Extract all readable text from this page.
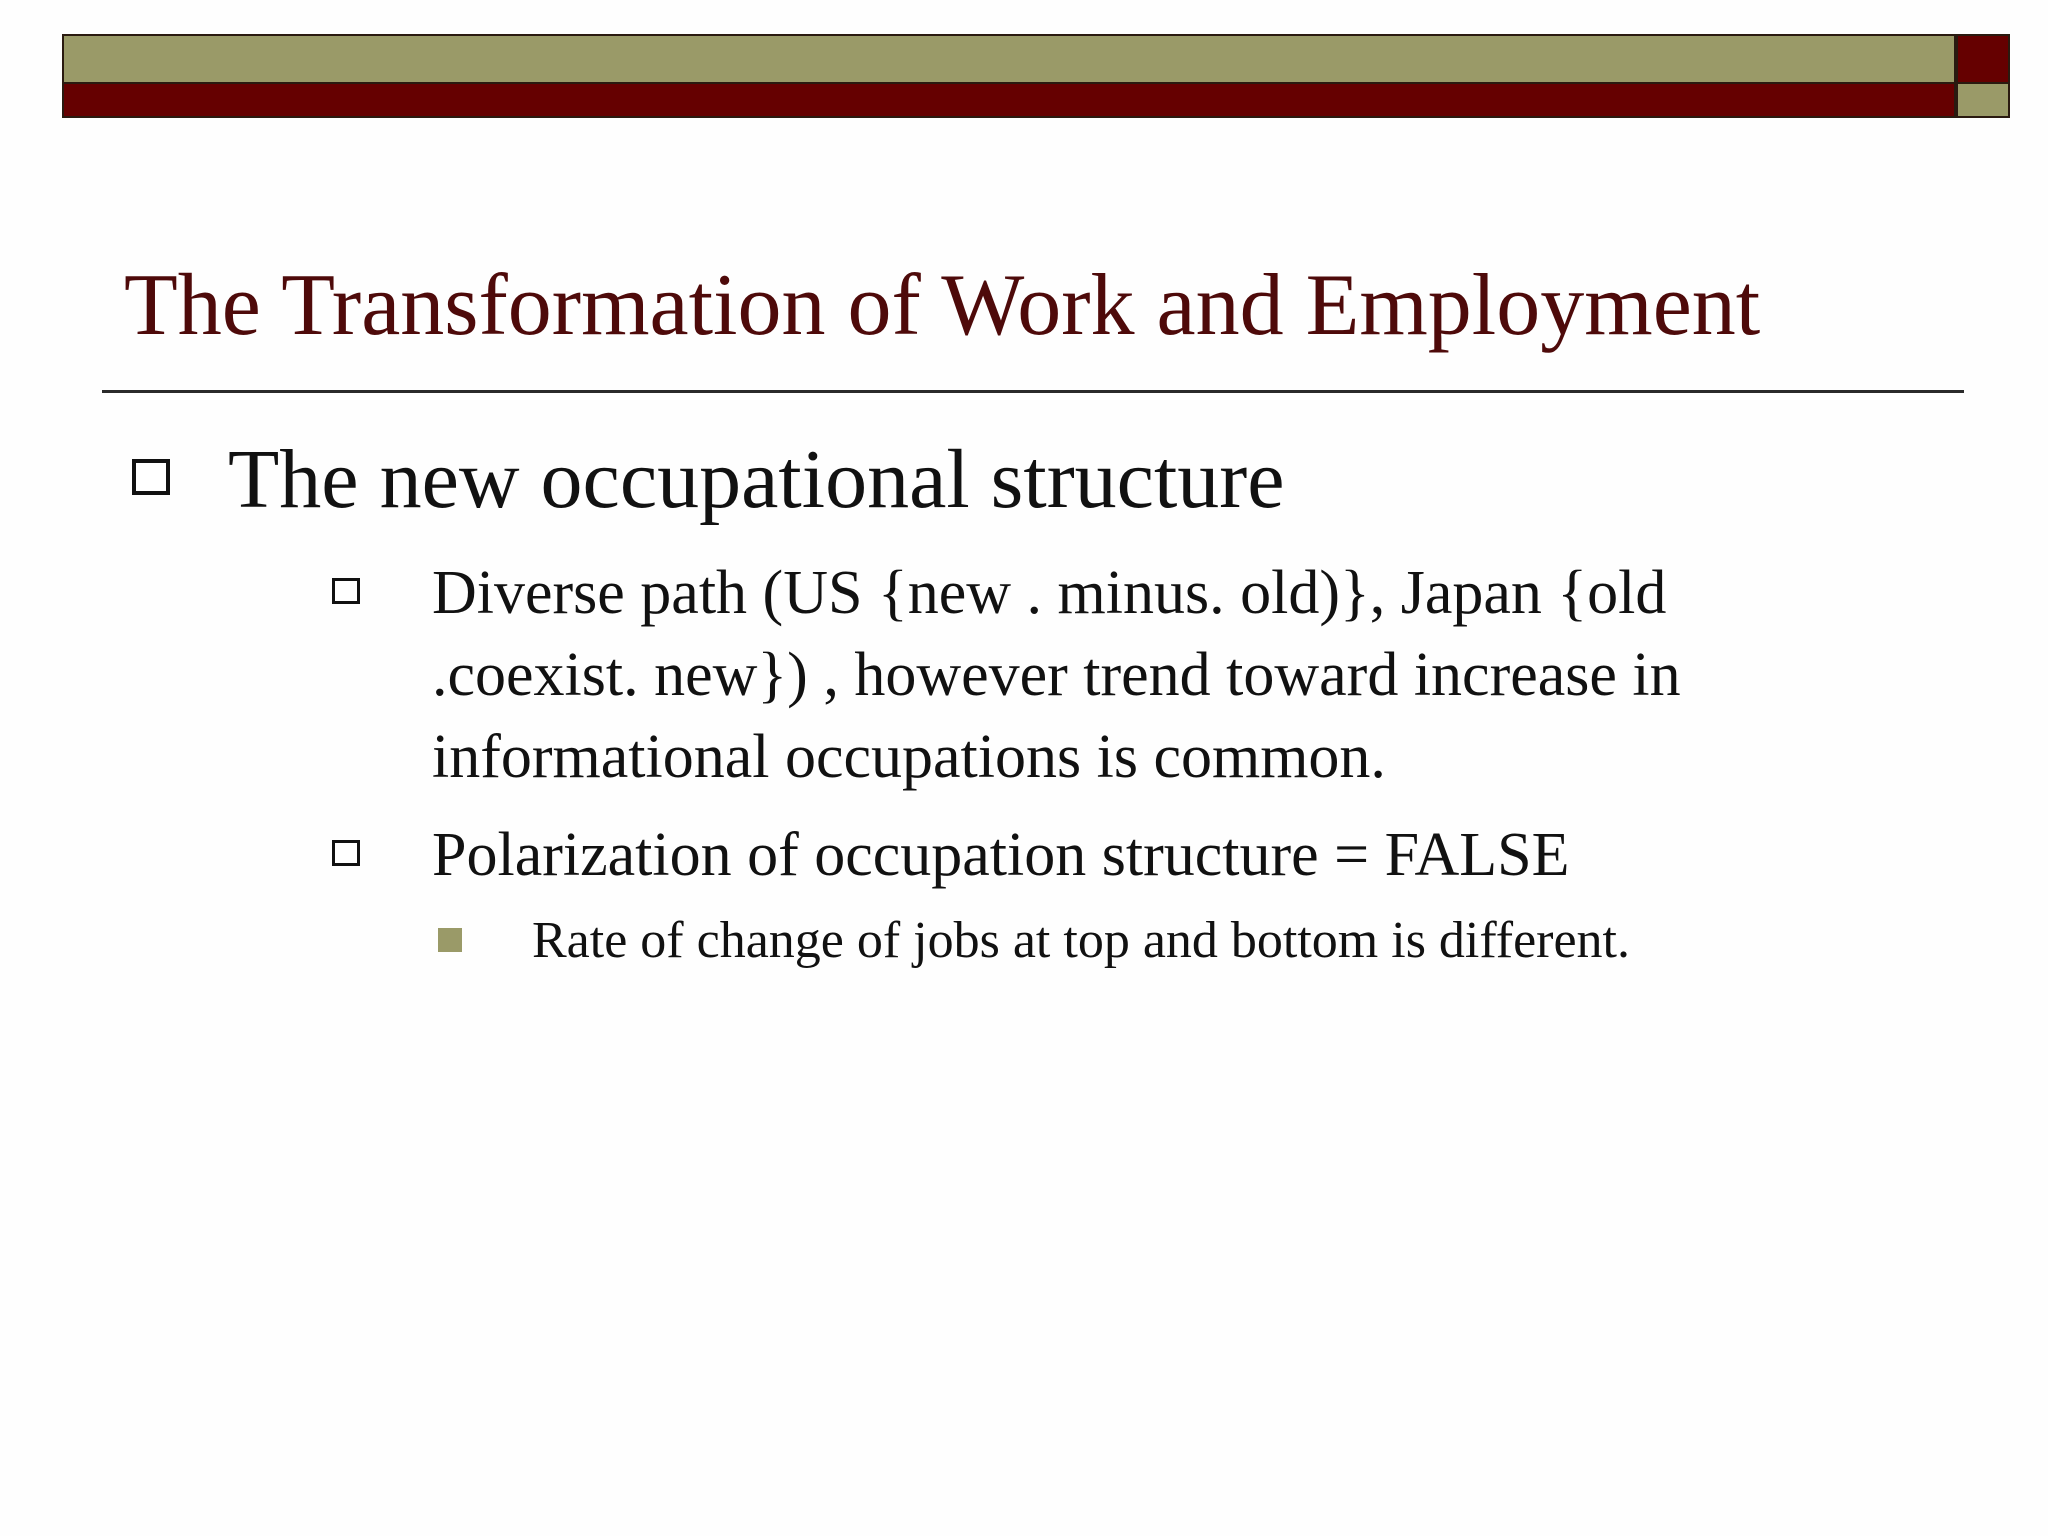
The Transformation of Work and Employment
The new occupational structure
Diverse path (US {new . minus. old)}, Japan {old .coexist. new}) , however trend toward increase in informational occupations is common.
Polarization of occupation structure = FALSE
Rate of change of jobs at top and bottom is different.
